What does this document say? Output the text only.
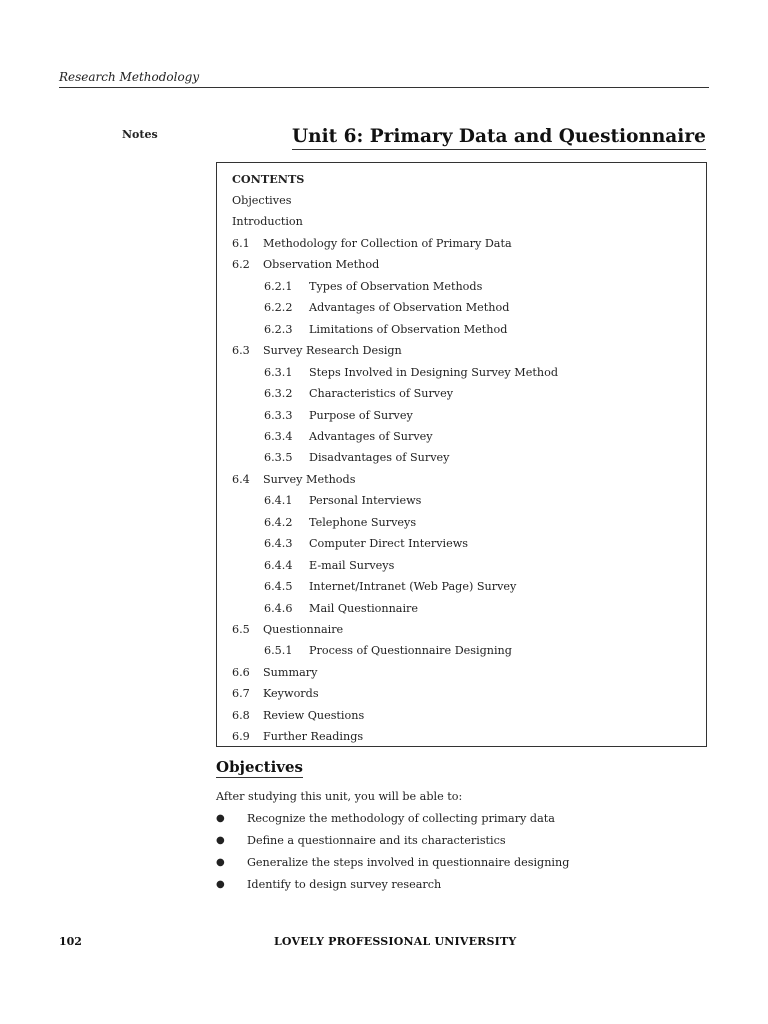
Research Methodology
Notes	Unit 6: Primary Data and Questionnaire
CONTENTS
Objectives
Introduction
6.1 Methodology for Collection of Primary Data
6.2 Observation Method
6.2.1 Types of Observation Methods
6.2.2 Advantages of Observation Method
6.2.3 Limitations of Observation Method
6.3 Survey Research Design
6.3.1 Steps Involved in Designing Survey Method
6.3.2 Characteristics of Survey
6.3.3 Purpose of Survey
6.3.4 Advantages of Survey
6.3.5 Disadvantages of Survey
6.4 Survey Methods
6.4.1 Personal Interviews
6.4.2 Telephone Surveys
6.4.3 Computer Direct Interviews
6.4.4 E-mail Surveys
6.4.5 Internet/Intranet (Web Page) Survey
6.4.6 Mail Questionnaire
6.5 Questionnaire
6.5.1 Process of Questionnaire Designing
6.6 Summary
6.7 Keywords
6.8 Review Questions
6.9 Further Readings
Objectives
After studying this unit, you will be able to:
● Recognize the methodology of collecting primary data
● Define a questionnaire and its characteristics
● Generalize the steps involved in questionnaire designing
● Identify to design survey research
102	LOVELY PROFESSIONAL UNIVERSITY
